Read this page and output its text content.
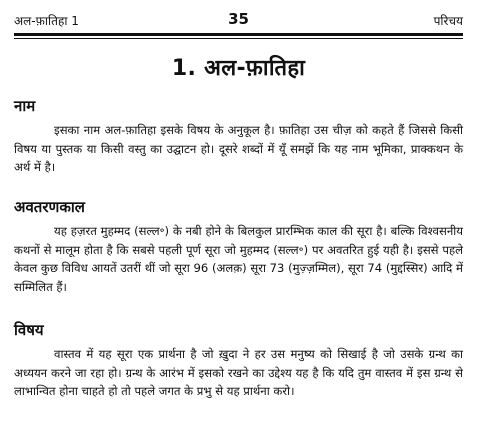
अल-फ़ातिहा 1	35	परिचय
1. अल-फ़ातिहा
नाम

इसका नाम अल-फ़ातिहा इसके विषय के अनुकूल है। फ़ातिहा उस चीज़ को कहते हैं जिससे किसी विषय या पुस्तक या किसी वस्तु का उद्घाटन हो। दूसरे शब्दों में यूँ समझें कि यह नाम भूमिका, प्राक्कथन के अर्थ में है।

अवतरणकाल

यह हज़रत मुहम्मद (सल्ल॰) के नबी होने के बिलकुल प्रारम्भिक काल की सूरा है। बल्कि विश्वसनीय कथनों से मालूम होता है कि सबसे पहली पूर्ण सूरा जो मुहम्मद (सल्ल॰) पर अवतरित हुई यही है। इससे पहले केवल कुछ विविध आयतें उतरीं थीं जो सूरा 96 (अलक़) सूरा 73 (मुज़्ज़म्मिल), सूरा 74 (मुद्दस्सिर) आदि में सम्मिलित हैं।

विषय

वास्तव में यह सूरा एक प्रार्थना है जो ख़ुदा ने हर उस मनुष्य को सिखाई है जो उसके ग्रन्थ का अध्ययन करने जा रहा हो। ग्रन्थ के आरंभ में इसको रखने का उद्देश्य यह है कि यदि तुम वास्तव में इस ग्रन्थ से लाभान्वित होना चाहते हो तो पहले जगत के प्रभु से यह प्रार्थना करो।
